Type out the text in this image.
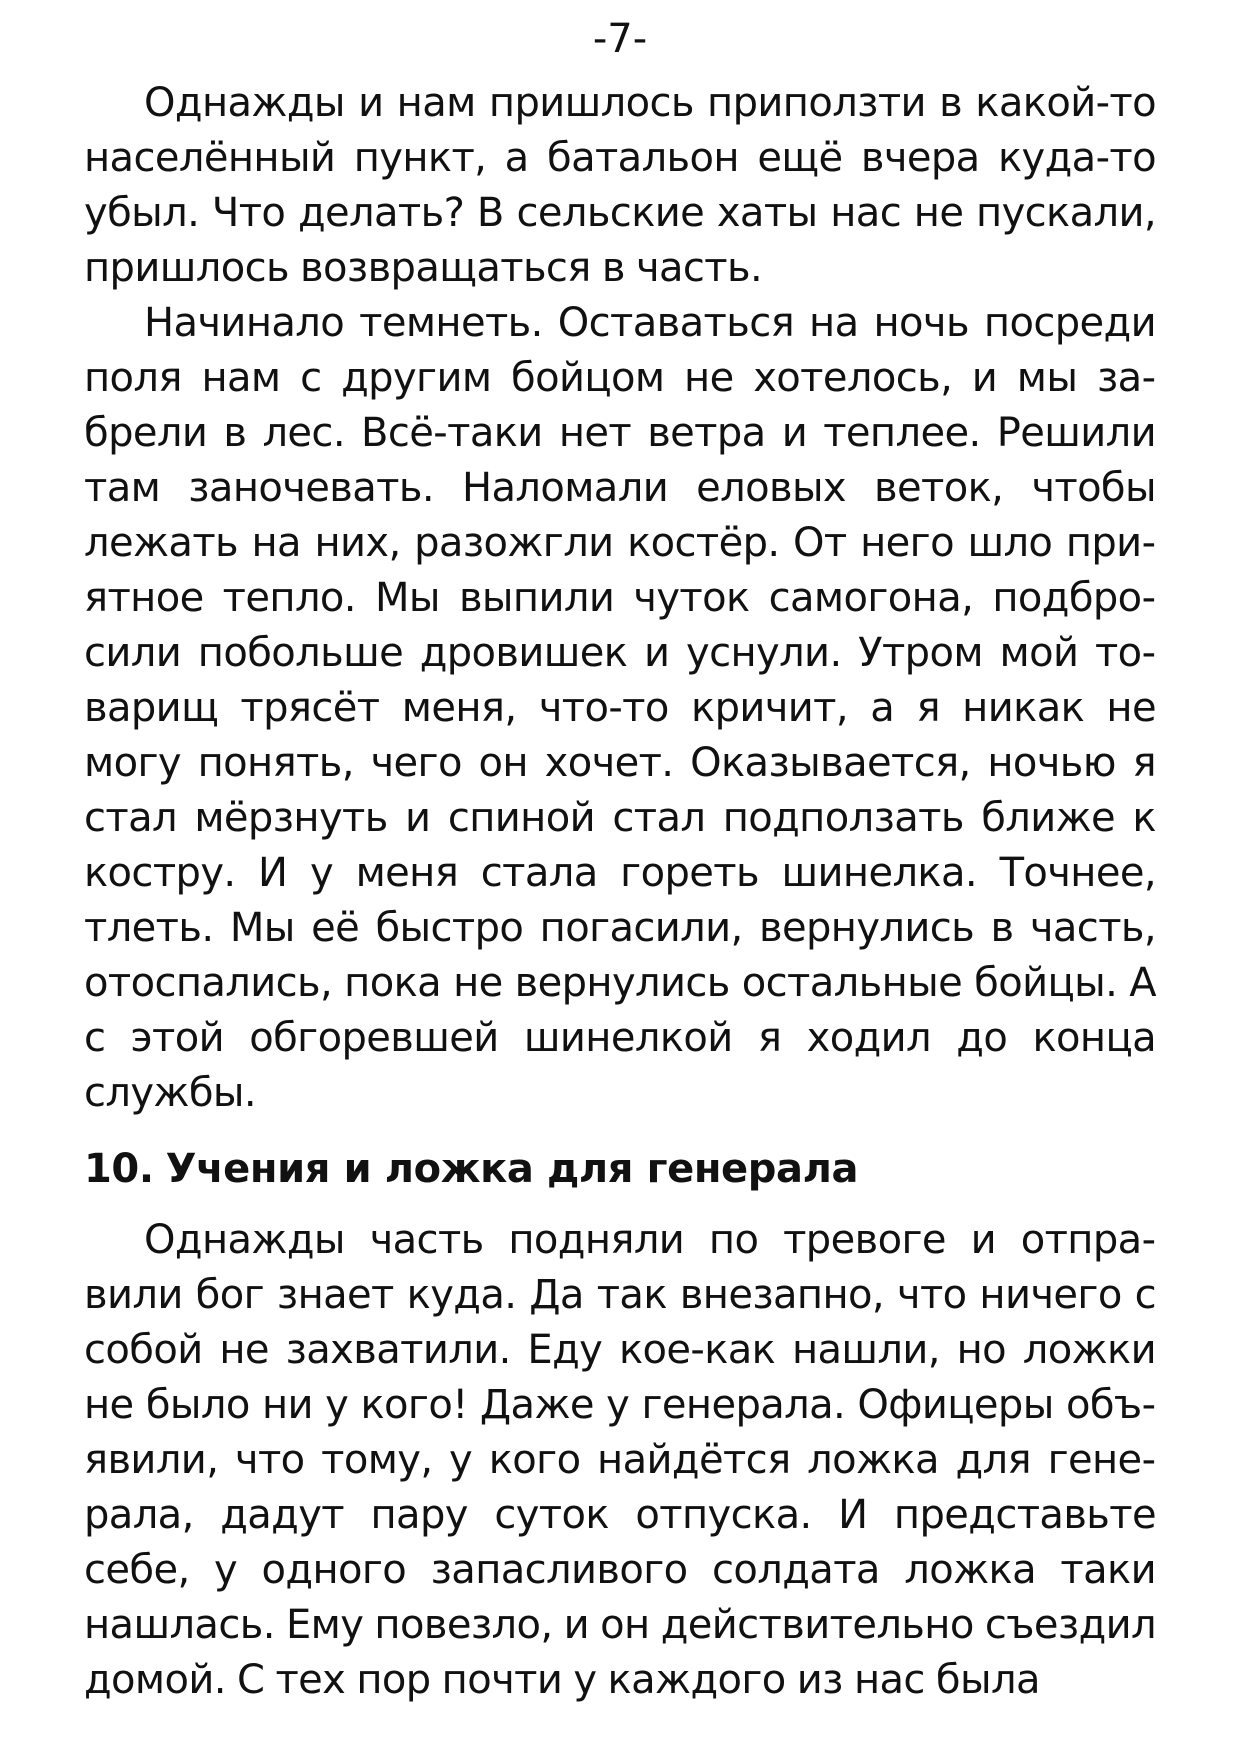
-7-

Однажды и нам пришлось приползти в какой-то населённый пункт, а батальон ещё вчера куда-то убыл. Что делать? В сельские хаты нас не пускали, пришлось возвращаться в часть.

Начинало темнеть. Оставаться на ночь посреди поля нам с другим бойцом не хотелось, и мы забрели в лес. Всё-таки нет ветра и теплее. Решили там заночевать. Наломали еловых веток, чтобы лежать на них, разожгли костёр. От него шло приятное тепло. Мы выпили чуток самогона, подбросили побольше дровишек и уснули. Утром мой товарищ трясёт меня, что-то кричит, а я никак не могу понять, чего он хочет. Оказывается, ночью я стал мёрзнуть и спиной стал подползать ближе к костру. И у меня стала гореть шинелка. Точнее, тлеть. Мы её быстро погасили, вернулись в часть, отоспались, пока не вернулись остальные бойцы. А с этой обгоревшей шинелкой я ходил до конца службы.

10. Учения и ложка для генерала

Однажды часть подняли по тревоге и отправили бог знает куда. Да так внезапно, что ничего с собой не захватили. Еду кое-как нашли, но ложки не было ни у кого! Даже у генерала. Офицеры объявили, что тому, у кого найдётся ложка для генерала, дадут пару суток отпуска. И представьте себе, у одного запасливого солдата ложка таки нашлась. Ему повезло, и он действительно съездил домой. С тех пор почти у каждого из нас была
